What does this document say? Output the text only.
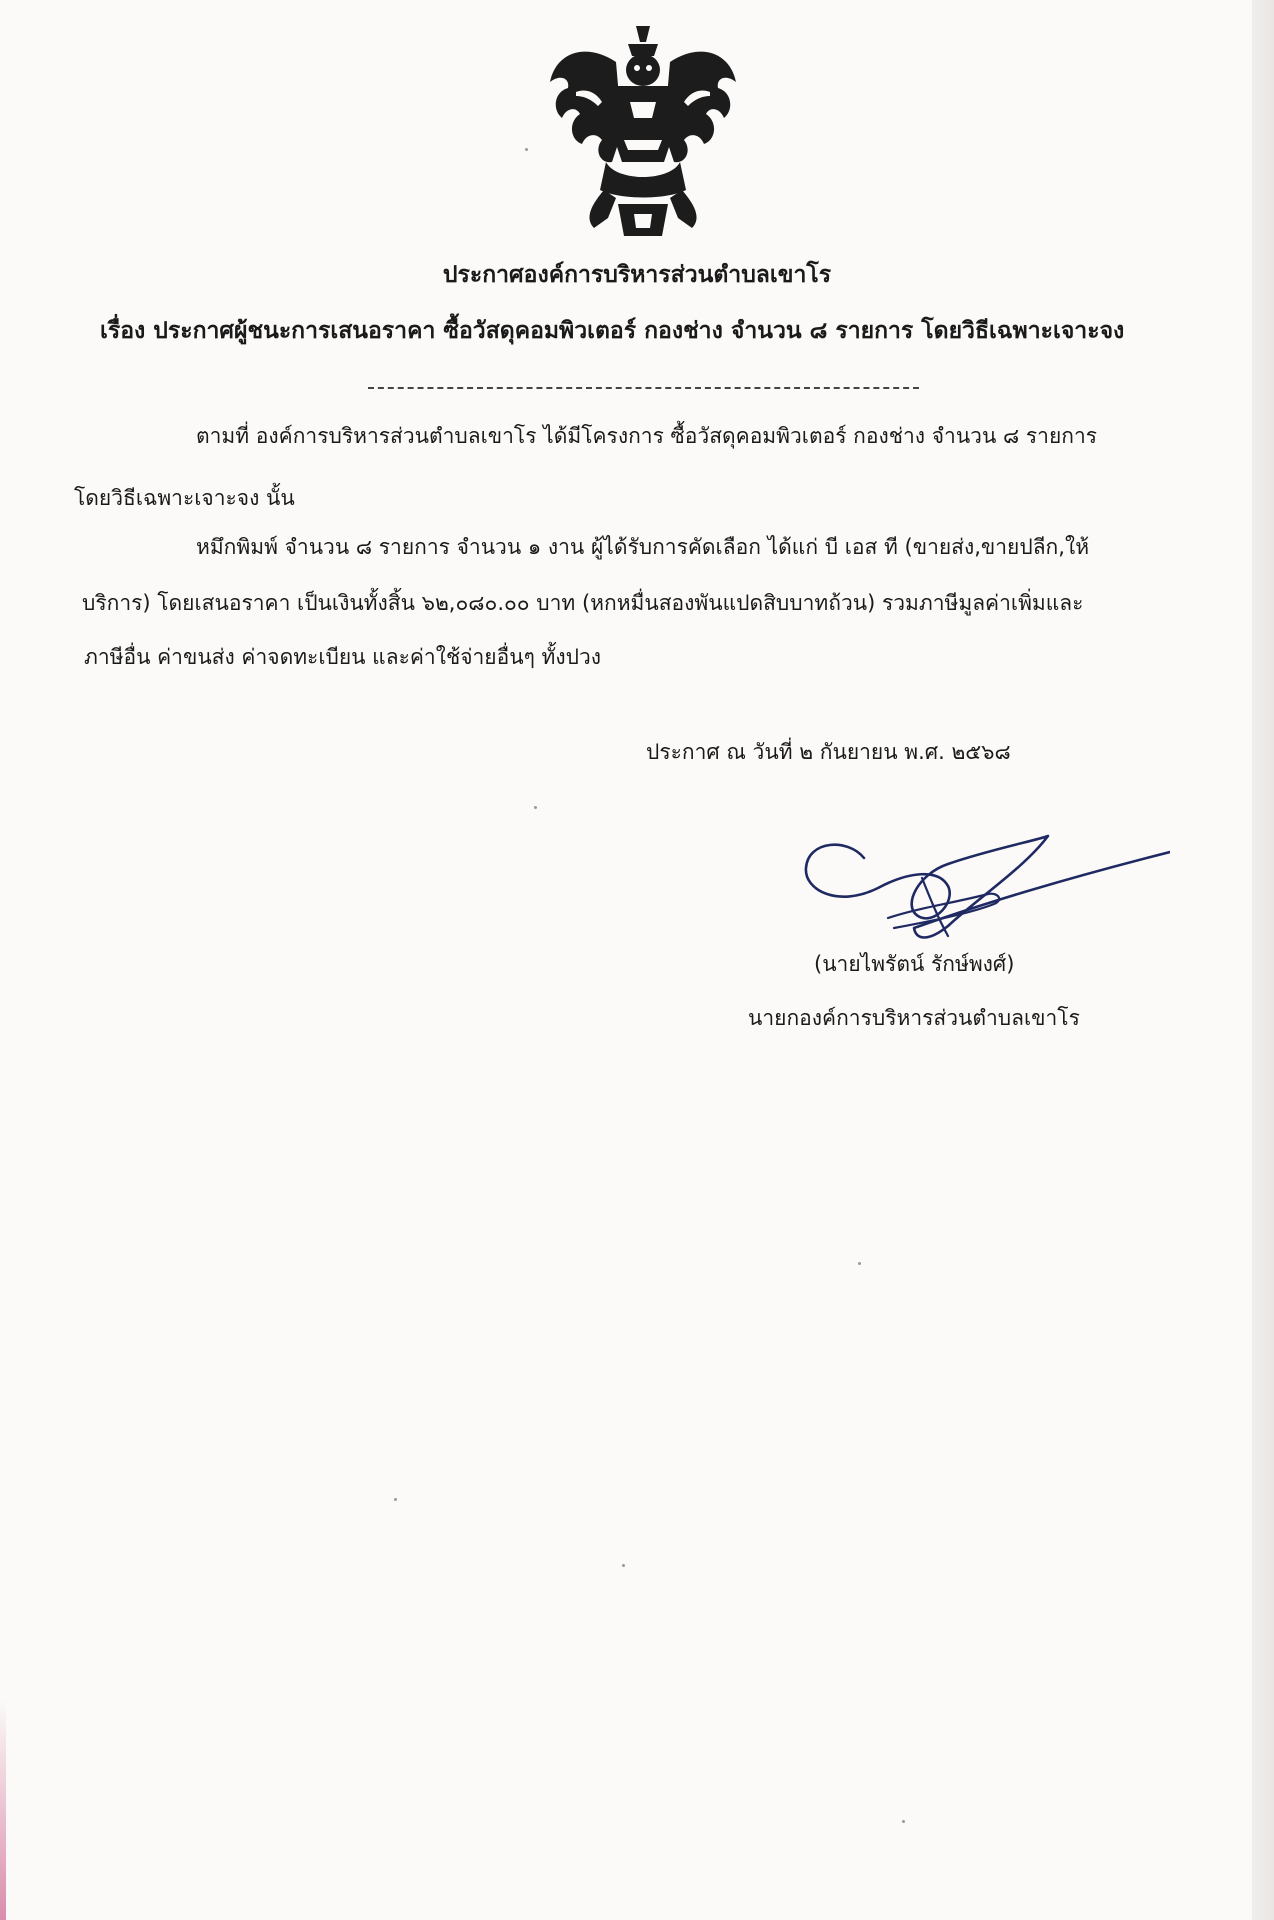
ประกาศองค์การบริหารส่วนตำบลเขาโร

เรื่อง ประกาศผู้ชนะการเสนอราคา ซื้อวัสดุคอมพิวเตอร์ กองช่าง จำนวน ๘ รายการ โดยวิธีเฉพาะเจาะจง

ตามที่ องค์การบริหารส่วนตำบลเขาโร ได้มีโครงการ ซื้อวัสดุคอมพิวเตอร์ กองช่าง จำนวน ๘ รายการ

โดยวิธีเฉพาะเจาะจง นั้น

หมึกพิมพ์ จำนวน ๘ รายการ จำนวน ๑ งาน ผู้ได้รับการคัดเลือก ได้แก่ บี เอส ที (ขายส่ง,ขายปลีก,ให้

บริการ) โดยเสนอราคา เป็นเงินทั้งสิ้น ๖๒,๐๘๐.๐๐ บาท (หกหมื่นสองพันแปดสิบบาทถ้วน) รวมภาษีมูลค่าเพิ่มและ

ภาษีอื่น ค่าขนส่ง ค่าจดทะเบียน และค่าใช้จ่ายอื่นๆ ทั้งปวง

ประกาศ ณ วันที่ ๒ กันยายน พ.ศ. ๒๕๖๘

(นายไพรัตน์ รักษ์พงศ์)

นายกองค์การบริหารส่วนตำบลเขาโร
